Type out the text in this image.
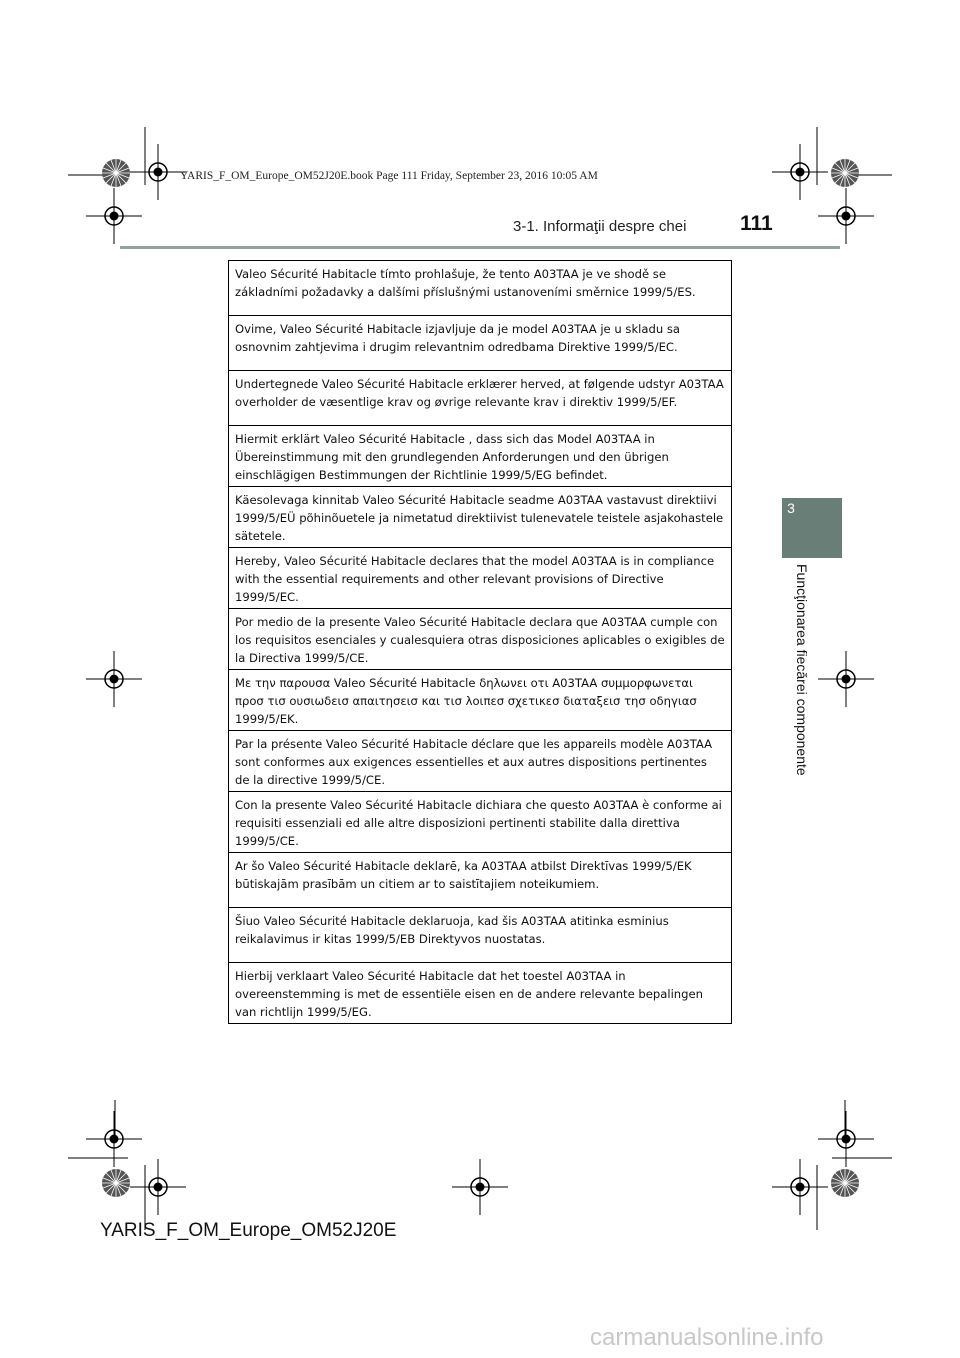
YARIS_F_OM_Europe_OM52J20E.book Page 111 Friday, September 23, 2016 10:05 AM
3-1. Informaţii despre chei	111
3
Funcţionarea fiecărei componente
Valeo Sécurité Habitacle tímto prohlašuje, že tento A03TAA je ve shodě se základními požadavky a dalšími příslušnými ustanoveními směrnice 1999/5/ES.
Ovime, Valeo Sécurité Habitacle izjavljuje da je model A03TAA je u skladu sa osnovnim zahtjevima i drugim relevantnim odredbama Direktive 1999/5/EC.
Undertegnede Valeo Sécurité Habitacle erklærer herved, at følgende udstyr A03TAA overholder de væsentlige krav og øvrige relevante krav i direktiv 1999/5/EF.
Hiermit erklärt Valeo Sécurité Habitacle , dass sich das Model A03TAA in Übereinstimmung mit den grundlegenden Anforderungen und den übrigen einschlägigen Bestimmungen der Richtlinie 1999/5/EG befindet.
Käesolevaga kinnitab Valeo Sécurité Habitacle seadme A03TAA vastavust direktiivi 1999/5/EÜ põhinõuetele ja nimetatud direktiivist tulenevatele teistele asjakohastele sätetele.
Hereby, Valeo Sécurité Habitacle declares that the model A03TAA is in compliance with the essential requirements and other relevant provisions of Directive 1999/5/EC.
Por medio de la presente Valeo Sécurité Habitacle declara que A03TAA cumple con los requisitos esenciales y cualesquiera otras disposiciones aplicables o exigibles de la Directiva 1999/5/CE.
Με την παρουσα Valeo Sécurité Habitacle δηλωνει οτι A03TAA συμμορφωνεται προσ τισ ουσιωδεισ απαιτησεισ και τισ λοιπεσ σχετικεσ διαταξεισ τησ οδηγιασ 1999/5/ΕΚ.
Par la présente Valeo Sécurité Habitacle déclare que les appareils modèle A03TAA sont conformes aux exigences essentielles et aux autres dispositions pertinentes de la directive 1999/5/CE.
Con la presente Valeo Sécurité Habitacle dichiara che questo A03TAA è conforme ai requisiti essenziali ed alle altre disposizioni pertinenti stabilite dalla direttiva 1999/5/CE.
Ar šo Valeo Sécurité Habitacle deklarē, ka A03TAA atbilst Direktīvas 1999/5/EK būtiskajām prasībām un citiem ar to saistītajiem noteikumiem.
Šiuo Valeo Sécurité Habitacle deklaruoja, kad šis A03TAA atitinka esminius reikalavimus ir kitas 1999/5/EB Direktyvos nuostatas.
Hierbij verklaart Valeo Sécurité Habitacle dat het toestel A03TAA in overeenstemming is met de essentiële eisen en de andere relevante bepalingen van richtlijn 1999/5/EG.
YARIS_F_OM_Europe_OM52J20E
carmanualsonline.info
